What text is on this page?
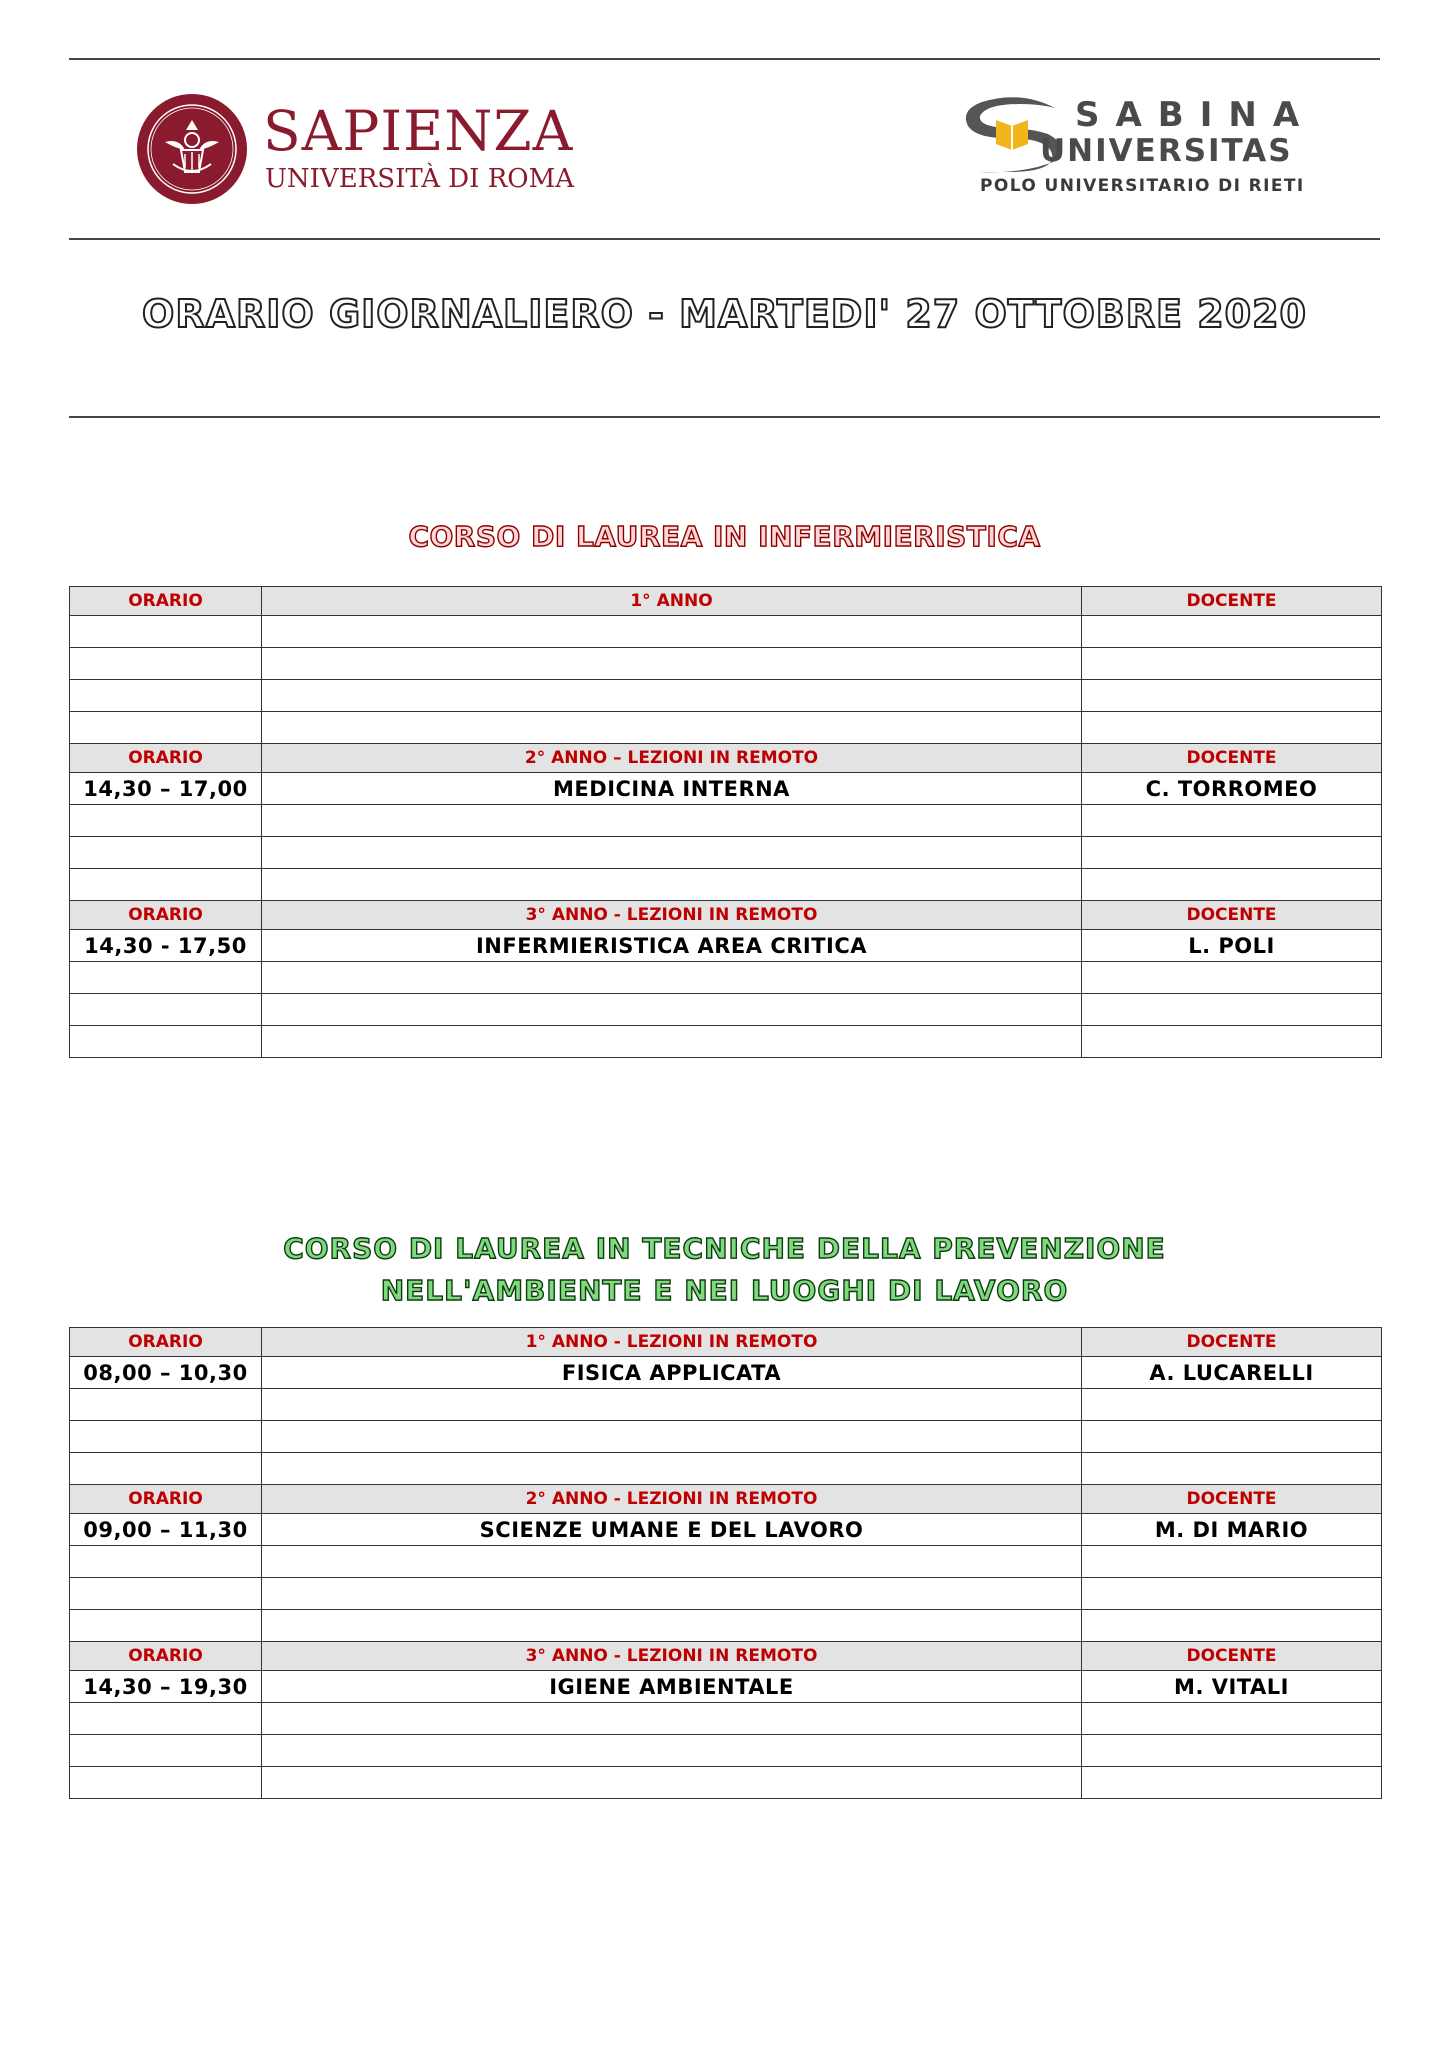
SAPIENZA
UNIVERSITÀ DI ROMA
SABINA
UNIVERSITAS
POLO UNIVERSITARIO DI RIETI
ORARIO GIORNALIERO - MARTEDI' 27 OTTOBRE 2020
CORSO DI LAUREA IN INFERMIERISTICA
ORARIO	1° ANNO	DOCENTE

ORARIO	2° ANNO – LEZIONI IN REMOTO	DOCENTE
14,30 – 17,00	MEDICINA INTERNA	C. TORROMEO

ORARIO	3° ANNO - LEZIONI IN REMOTO	DOCENTE
14,30 - 17,50	INFERMIERISTICA AREA CRITICA	L. POLI

CORSO DI LAUREA IN TECNICHE DELLA PREVENZIONE
NELL'AMBIENTE E NEI LUOGHI DI LAVORO
ORARIO	1° ANNO - LEZIONI IN REMOTO	DOCENTE
08,00 – 10,30	FISICA APPLICATA	A. LUCARELLI

ORARIO	2° ANNO - LEZIONI IN REMOTO	DOCENTE
09,00 – 11,30	SCIENZE UMANE E DEL LAVORO	M. DI MARIO

ORARIO	3° ANNO - LEZIONI IN REMOTO	DOCENTE
14,30 – 19,30	IGIENE AMBIENTALE	M. VITALI
